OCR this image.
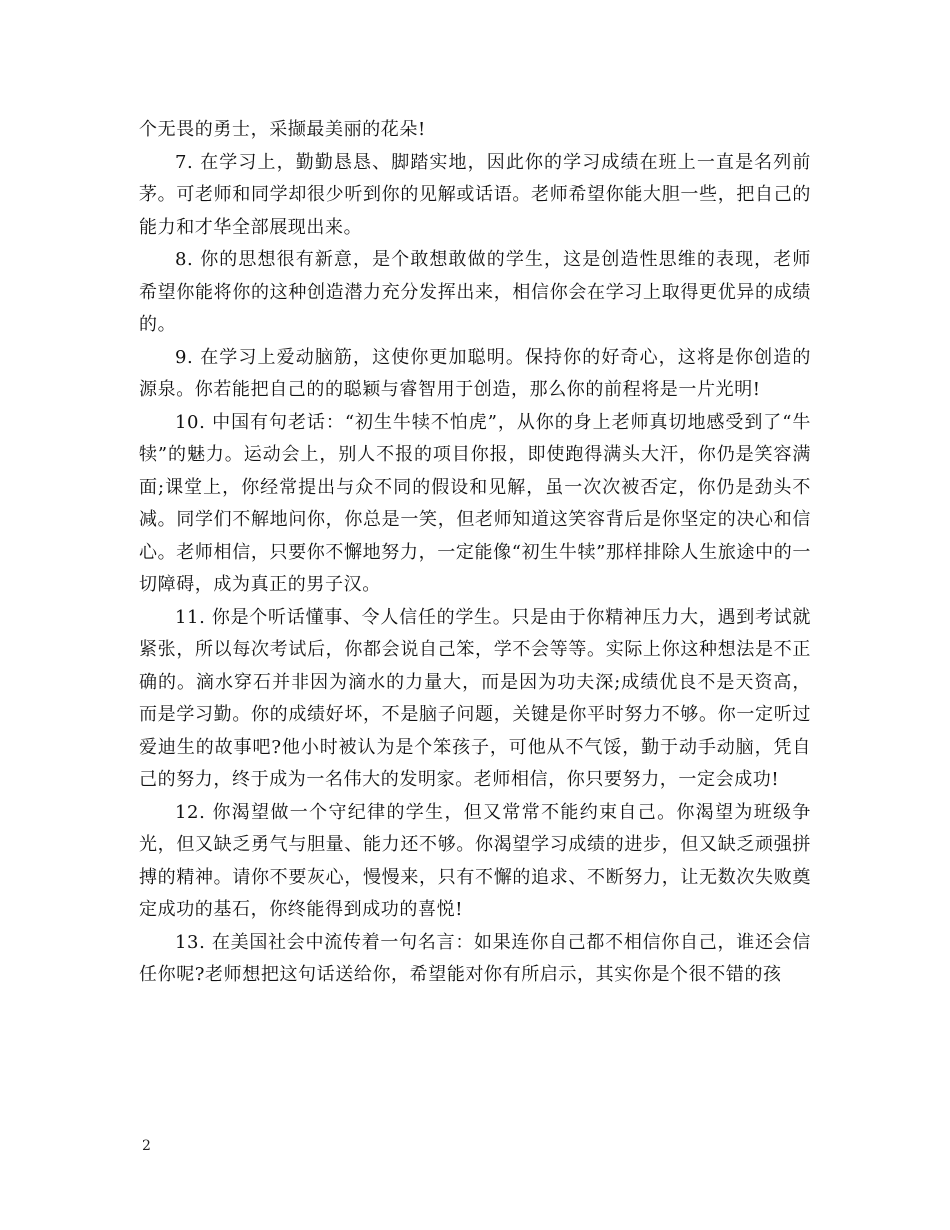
个无畏的勇士，采撷最美丽的花朵!

7. 在学习上，勤勤恳恳、脚踏实地，因此你的学习成绩在班上一直是名列前茅。可老师和同学却很少听到你的见解或话语。老师希望你能大胆一些，把自己的能力和才华全部展现出来。

8. 你的思想很有新意，是个敢想敢做的学生，这是创造性思维的表现，老师希望你能将你的这种创造潜力充分发挥出来，相信你会在学习上取得更优异的成绩的。

9. 在学习上爱动脑筋，这使你更加聪明。保持你的好奇心，这将是你创造的源泉。你若能把自己的的聪颖与睿智用于创造，那么你的前程将是一片光明!

10. 中国有句老话：“初生牛犊不怕虎”，从你的身上老师真切地感受到了“牛犊”的魅力。运动会上，别人不报的项目你报，即使跑得满头大汗，你仍是笑容满面;课堂上，你经常提出与众不同的假设和见解，虽一次次被否定，你仍是劲头不减。同学们不解地问你，你总是一笑，但老师知道这笑容背后是你坚定的决心和信心。老师相信，只要你不懈地努力，一定能像“初生牛犊”那样排除人生旅途中的一切障碍，成为真正的男子汉。

11. 你是个听话懂事、令人信任的学生。只是由于你精神压力大，遇到考试就紧张，所以每次考试后，你都会说自己笨，学不会等等。实际上你这种想法是不正确的。滴水穿石并非因为滴水的力量大，而是因为功夫深;成绩优良不是天资高，而是学习勤。你的成绩好坏，不是脑子问题，关键是你平时努力不够。你一定听过爱迪生的故事吧?他小时被认为是个笨孩子，可他从不气馁，勤于动手动脑，凭自己的努力，终于成为一名伟大的发明家。老师相信，你只要努力，一定会成功!

12. 你渴望做一个守纪律的学生，但又常常不能约束自己。你渴望为班级争光，但又缺乏勇气与胆量、能力还不够。你渴望学习成绩的进步，但又缺乏顽强拼搏的精神。请你不要灰心，慢慢来，只有不懈的追求、不断努力，让无数次失败奠定成功的基石，你终能得到成功的喜悦!

13. 在美国社会中流传着一句名言：如果连你自己都不相信你自己，谁还会信任你呢?老师想把这句话送给你，希望能对你有所启示，其实你是个很不错的孩

2
